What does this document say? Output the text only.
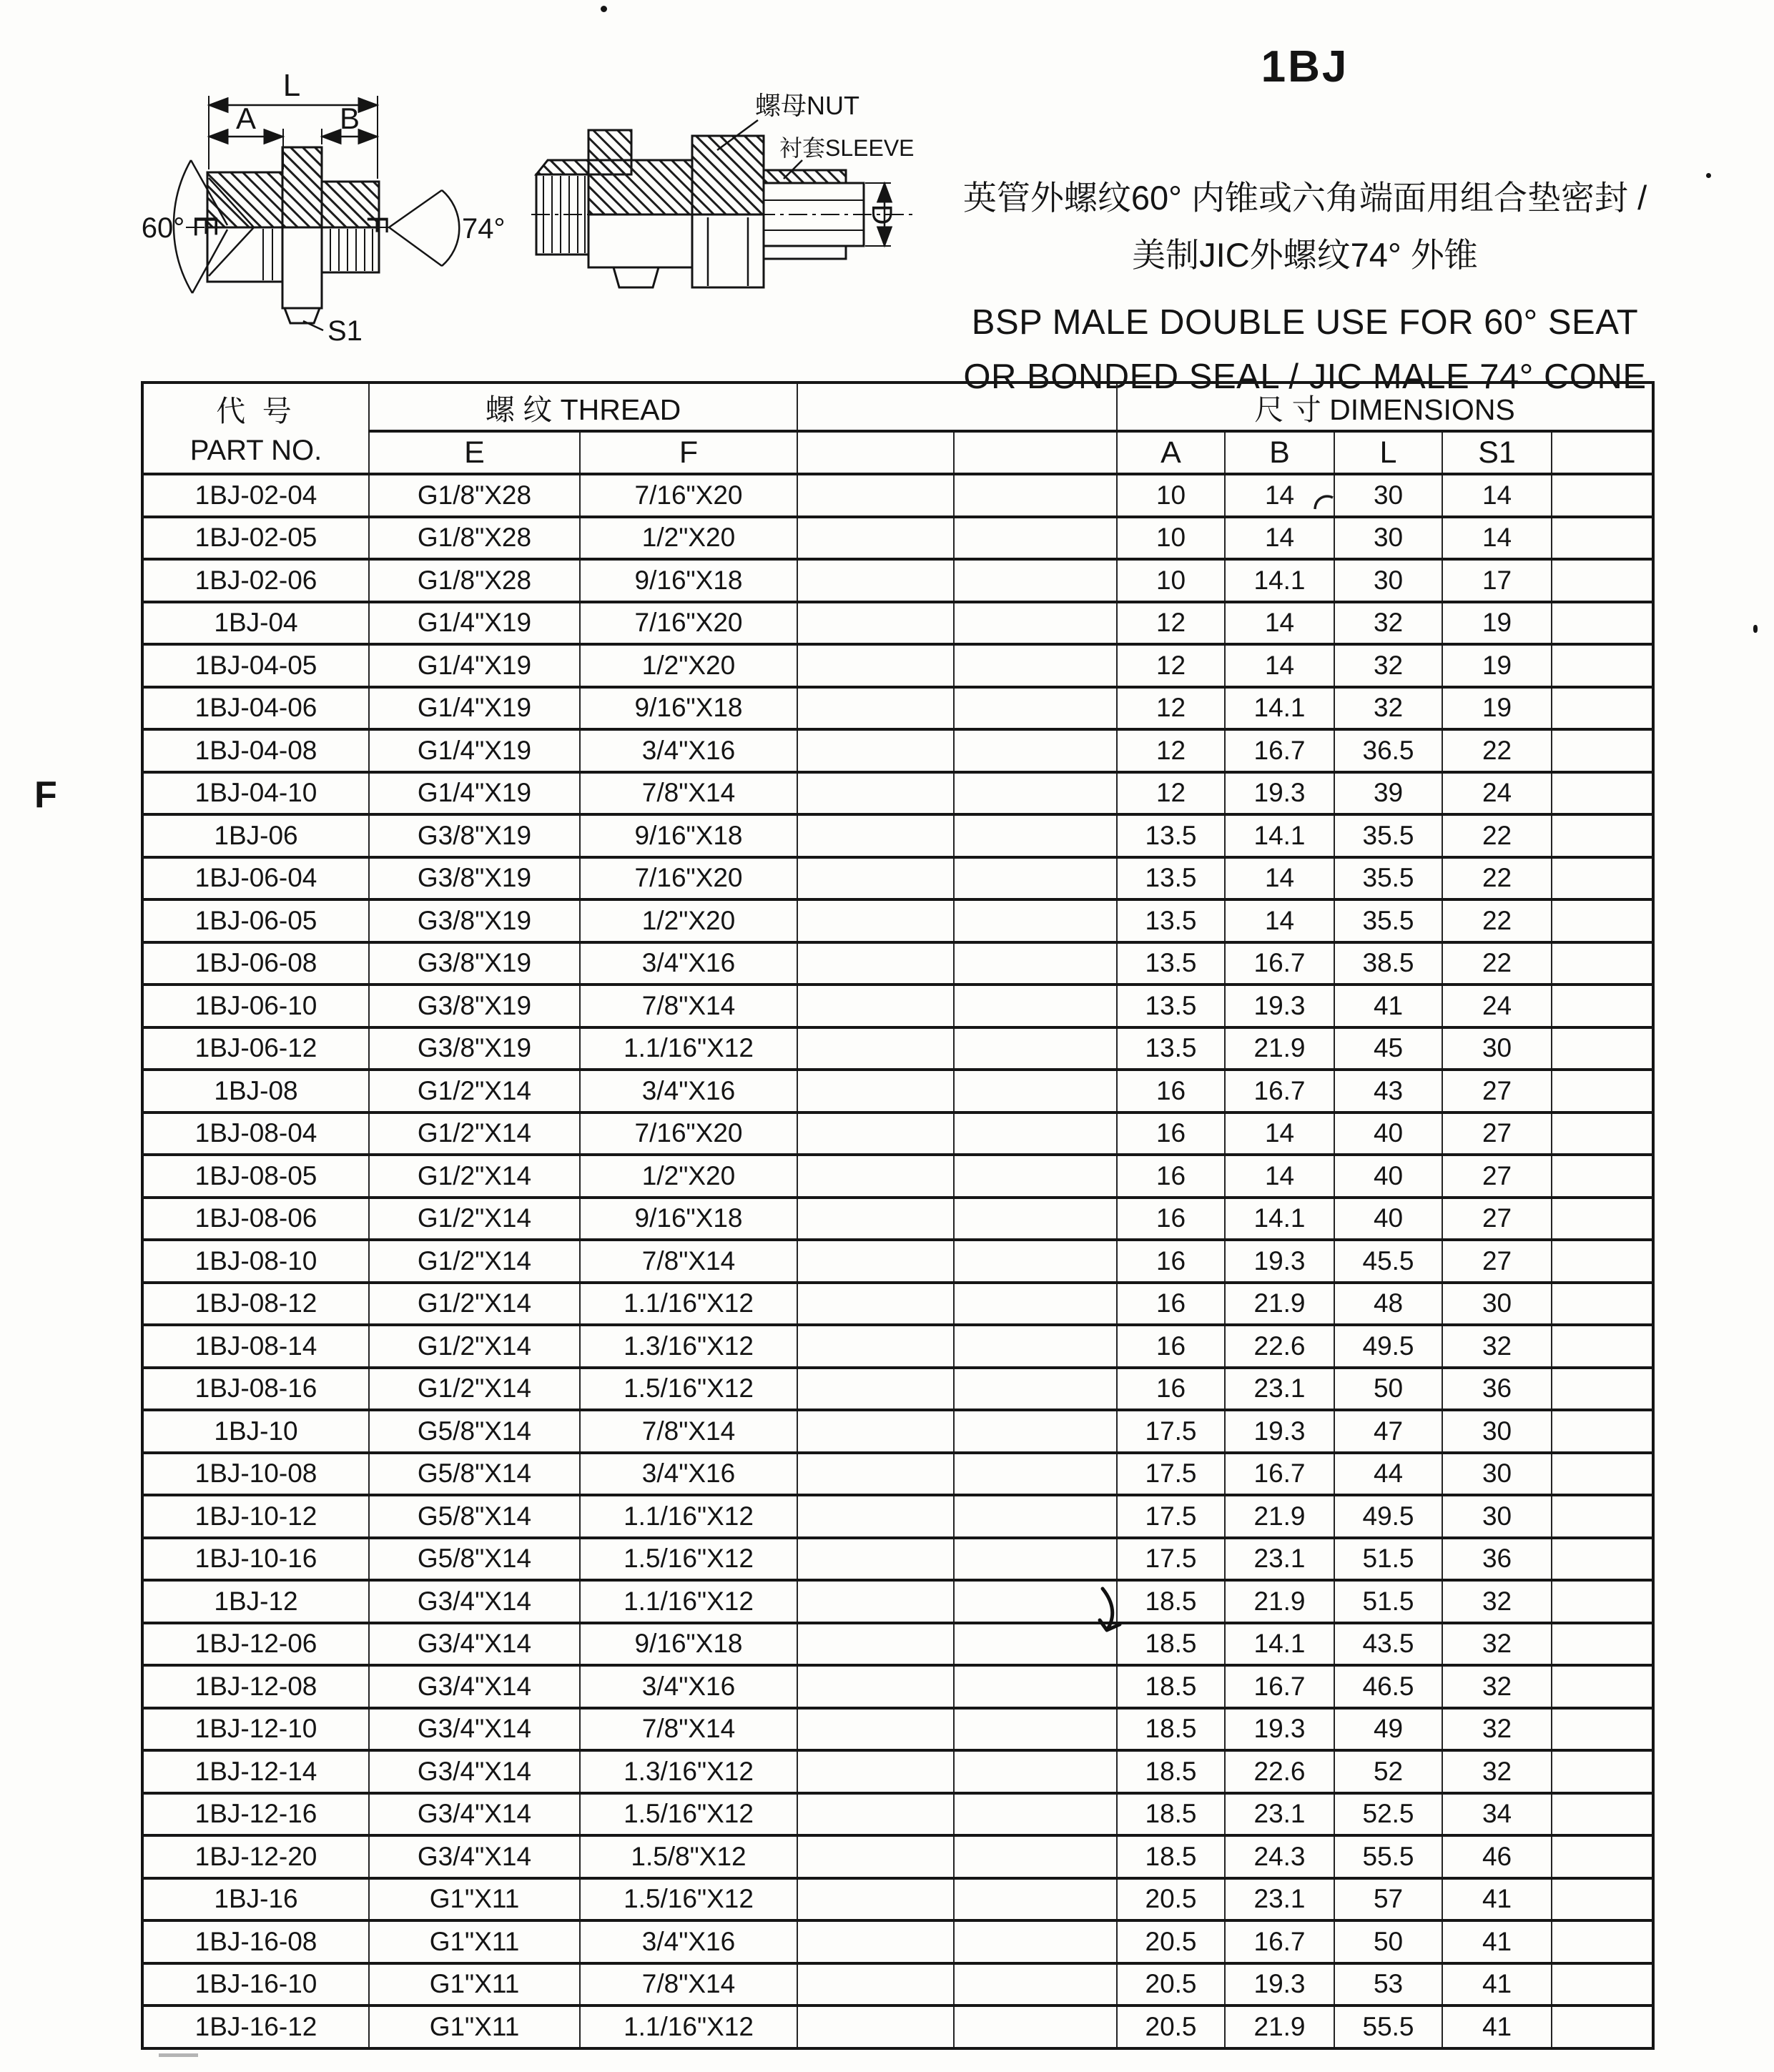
F
S1
L
A	B
60°	74°
E	F	D
螺母NUT
衬套SLEEVE
1BJ

英管外螺纹60° 内锥或六角端面用组合垫密封 /

美制JIC外螺纹74° 外锥

BSP MALE DOUBLE USE FOR 60° SEAT

OR BONDED SEAL / JIC MALE 74° CONE

代 号
PART NO.	螺 纹 THREAD				尺 寸 DIMENSIONS				
	E	F			A	B	L	S1	
1BJ-02-04	G1/8"X28	7/16"X20			10	14	30	14	
1BJ-02-05	G1/8"X28	1/2"X20			10	14	30	14	
1BJ-02-06	G1/8"X28	9/16"X18			10	14.1	30	17	
1BJ-04	G1/4"X19	7/16"X20			12	14	32	19	
1BJ-04-05	G1/4"X19	1/2"X20			12	14	32	19	
1BJ-04-06	G1/4"X19	9/16"X18			12	14.1	32	19	
1BJ-04-08	G1/4"X19	3/4"X16			12	16.7	36.5	22	
1BJ-04-10	G1/4"X19	7/8"X14			12	19.3	39	24	
1BJ-06	G3/8"X19	9/16"X18			13.5	14.1	35.5	22	
1BJ-06-04	G3/8"X19	7/16"X20			13.5	14	35.5	22	
1BJ-06-05	G3/8"X19	1/2"X20			13.5	14	35.5	22	
1BJ-06-08	G3/8"X19	3/4"X16			13.5	16.7	38.5	22	
1BJ-06-10	G3/8"X19	7/8"X14			13.5	19.3	41	24	
1BJ-06-12	G3/8"X19	1.1/16"X12			13.5	21.9	45	30	
1BJ-08	G1/2"X14	3/4"X16			16	16.7	43	27	
1BJ-08-04	G1/2"X14	7/16"X20			16	14	40	27	
1BJ-08-05	G1/2"X14	1/2"X20			16	14	40	27	
1BJ-08-06	G1/2"X14	9/16"X18			16	14.1	40	27	
1BJ-08-10	G1/2"X14	7/8"X14			16	19.3	45.5	27	
1BJ-08-12	G1/2"X14	1.1/16"X12			16	21.9	48	30	
1BJ-08-14	G1/2"X14	1.3/16"X12			16	22.6	49.5	32	
1BJ-08-16	G1/2"X14	1.5/16"X12			16	23.1	50	36	
1BJ-10	G5/8"X14	7/8"X14			17.5	19.3	47	30	
1BJ-10-08	G5/8"X14	3/4"X16			17.5	16.7	44	30	
1BJ-10-12	G5/8"X14	1.1/16"X12			17.5	21.9	49.5	30	
1BJ-10-16	G5/8"X14	1.5/16"X12			17.5	23.1	51.5	36	
1BJ-12	G3/4"X14	1.1/16"X12			18.5	21.9	51.5	32	
1BJ-12-06	G3/4"X14	9/16"X18			18.5	14.1	43.5	32	
1BJ-12-08	G3/4"X14	3/4"X16			18.5	16.7	46.5	32	
1BJ-12-10	G3/4"X14	7/8"X14			18.5	19.3	49	32	
1BJ-12-14	G3/4"X14	1.3/16"X12			18.5	22.6	52	32	
1BJ-12-16	G3/4"X14	1.5/16"X12			18.5	23.1	52.5	34	
1BJ-12-20	G3/4"X14	1.5/8"X12			18.5	24.3	55.5	46	
1BJ-16	G1"X11	1.5/16"X12			20.5	23.1	57	41	
1BJ-16-08	G1"X11	3/4"X16			20.5	16.7	50	41	
1BJ-16-10	G1"X11	7/8"X14			20.5	19.3	53	41	
1BJ-16-12	G1"X11	1.1/16"X12			20.5	21.9	55.5	41	
